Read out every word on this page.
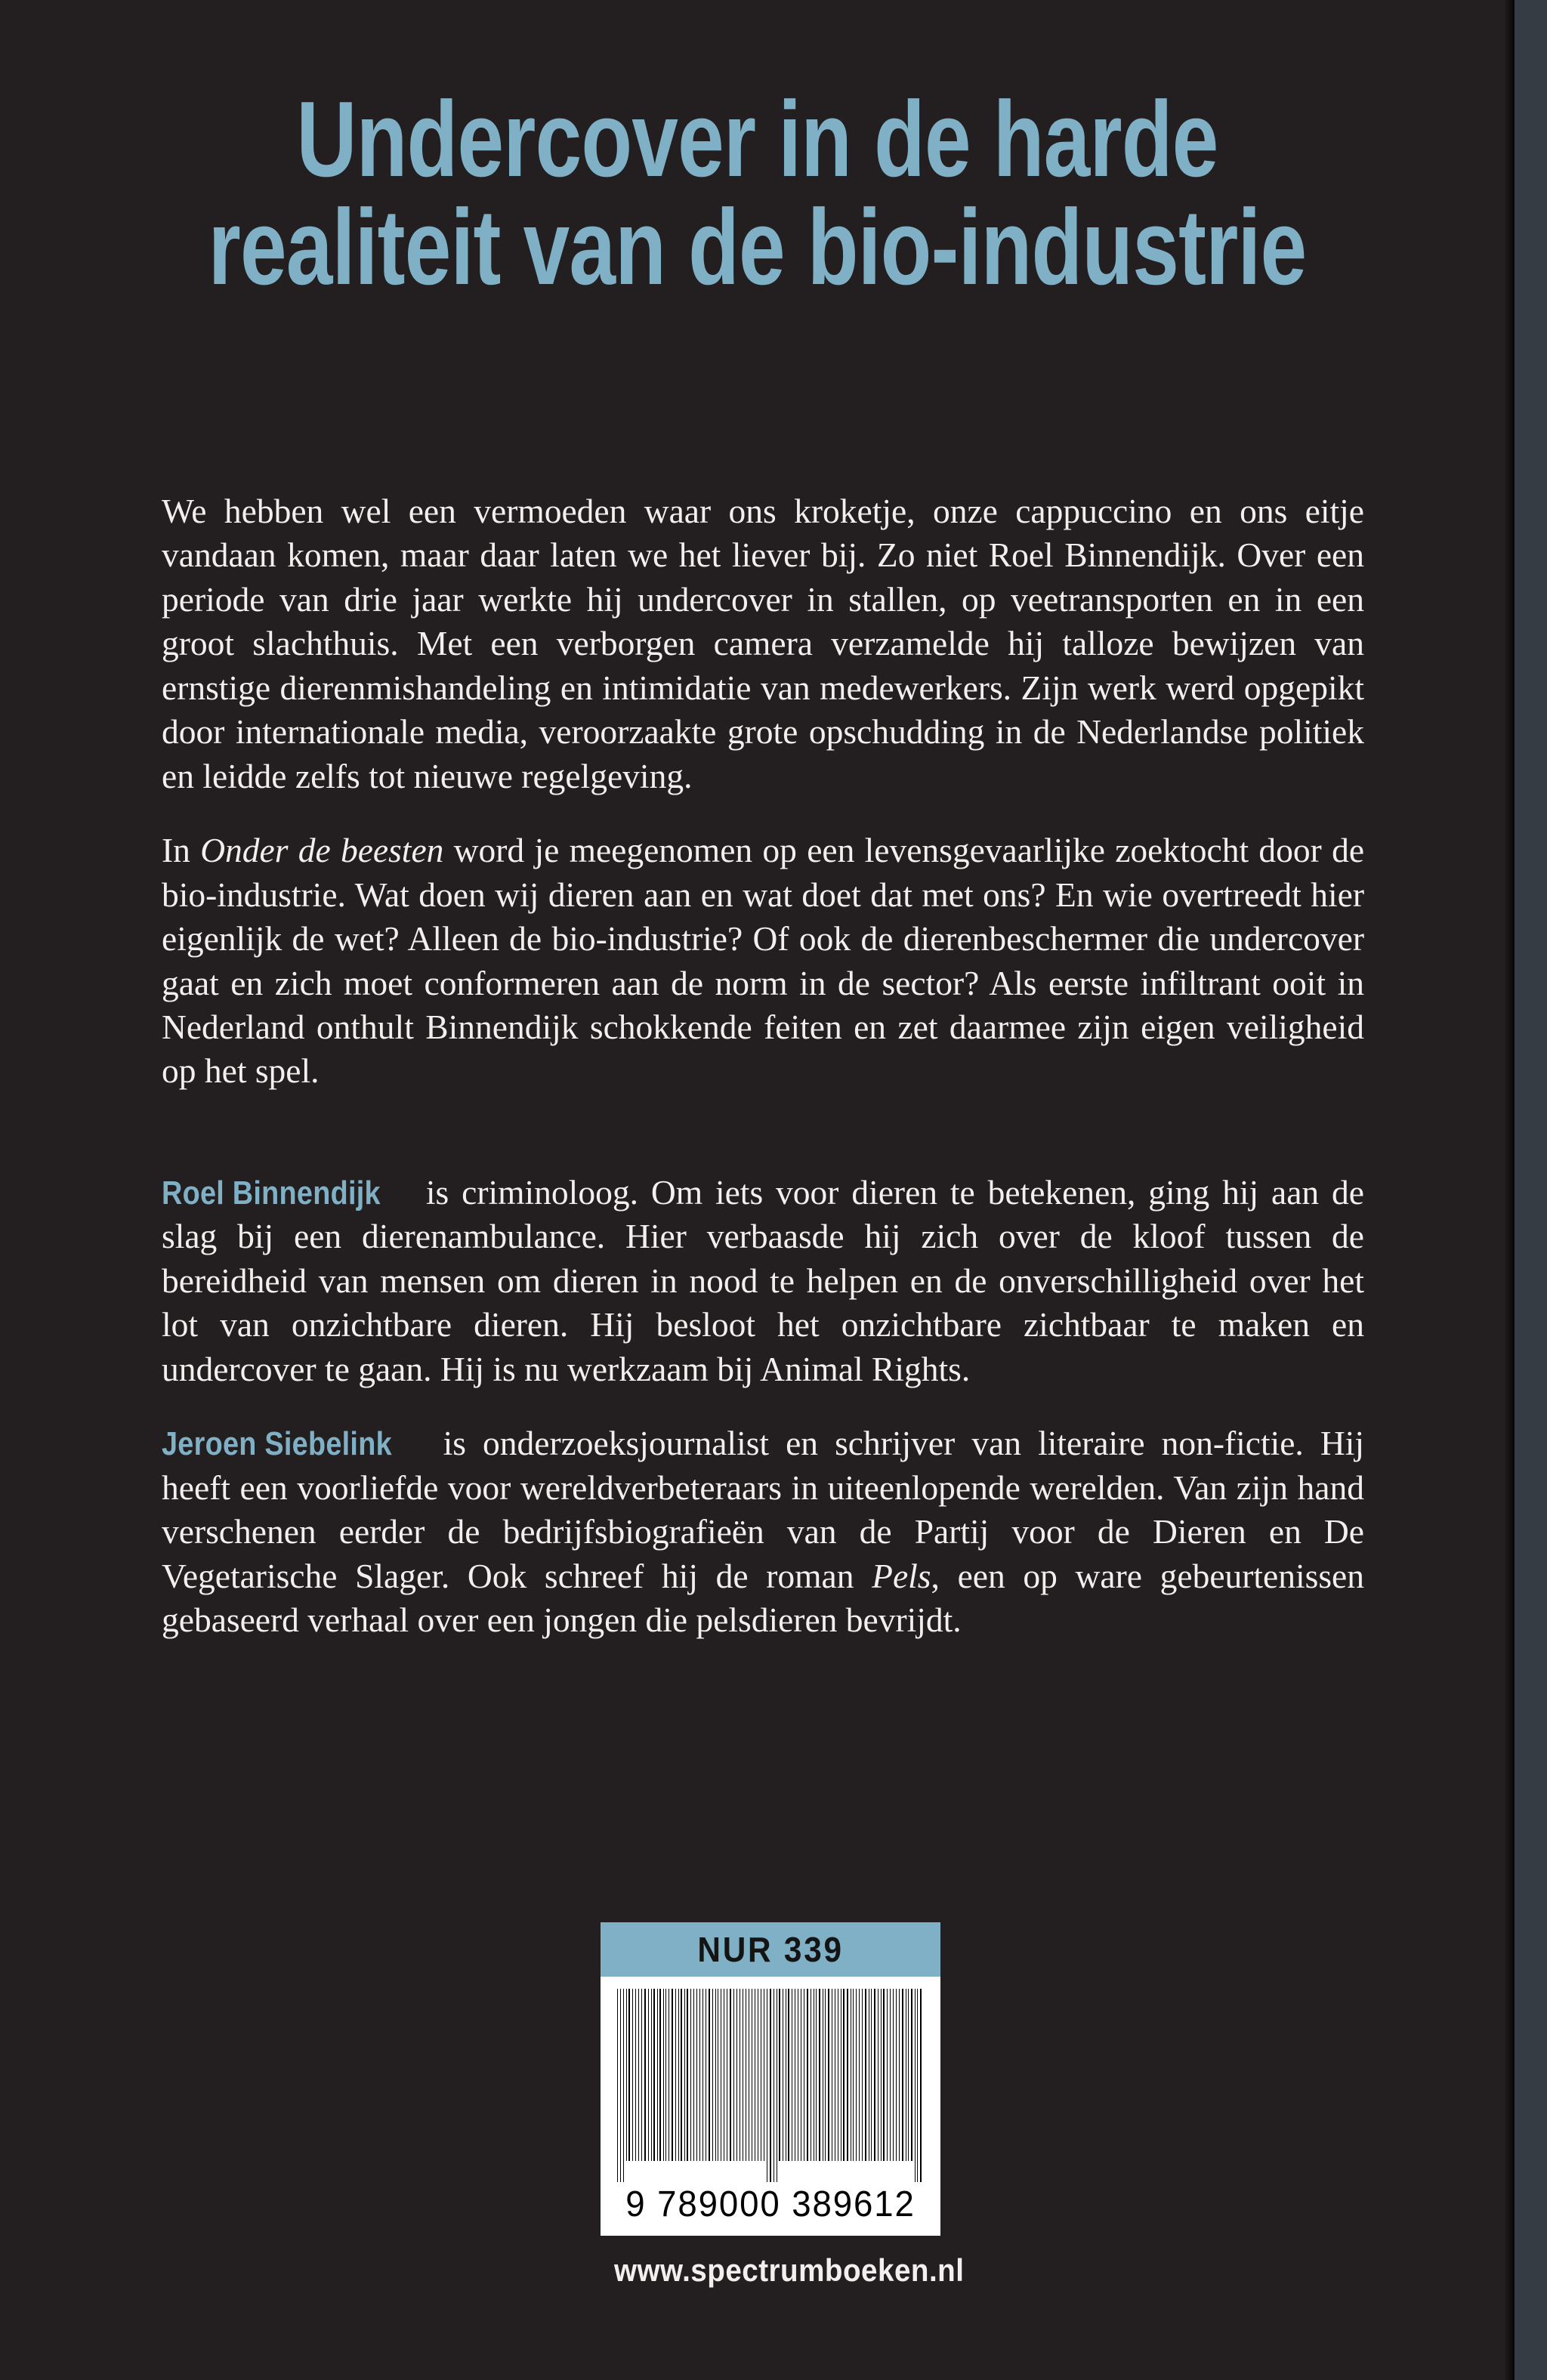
Undercover in de harde
realiteit van de bio-industrie

We hebben wel een vermoeden waar ons kroketje, onze cappuccino en ons eitje vandaan komen, maar daar laten we het liever bij. Zo niet Roel Binnendijk. Over een periode van drie jaar werkte hij undercover in stallen, op veetransporten en in een groot slachthuis. Met een verborgen camera verzamelde hij talloze bewijzen van ernstige dierenmishandeling en intimidatie van medewerkers. Zijn werk werd opgepikt door internationale media, veroorzaakte grote opschudding in de Nederlandse politiek en leidde zelfs tot nieuwe regelgeving.

In Onder de beesten word je meegenomen op een levensgevaarlijke zoektocht door de bio-industrie. Wat doen wij dieren aan en wat doet dat met ons? En wie overtreedt hier eigenlijk de wet? Alleen de bio-industrie? Of ook de dierenbeschermer die undercover gaat en zich moet conformeren aan de norm in de sector? Als eerste infiltrant ooit in Nederland onthult Binnendijk schokkende feiten en zet daarmee zijn eigen veiligheid op het spel.

Roel Binnendijk is criminoloog. Om iets voor dieren te betekenen, ging hij aan de slag bij een dierenambulance. Hier verbaasde hij zich over de kloof tussen de bereidheid van mensen om dieren in nood te helpen en de onverschilligheid over het lot van onzichtbare dieren. Hij besloot het onzichtbare zichtbaar te maken en undercover te gaan. Hij is nu werkzaam bij Animal Rights.

Jeroen Siebelink is onderzoeksjournalist en schrijver van literaire non-fictie. Hij heeft een voorliefde voor wereldverbeteraars in uiteenlopende werelden. Van zijn hand verschenen eerder de bedrijfsbiografieën van de Partij voor de Dieren en De Vegetarische Slager. Ook schreef hij de roman Pels, een op ware gebeurtenissen gebaseerd verhaal over een jongen die pelsdieren bevrijdt.

NUR 339
9 789000 389612
www.spectrumboeken.nl
